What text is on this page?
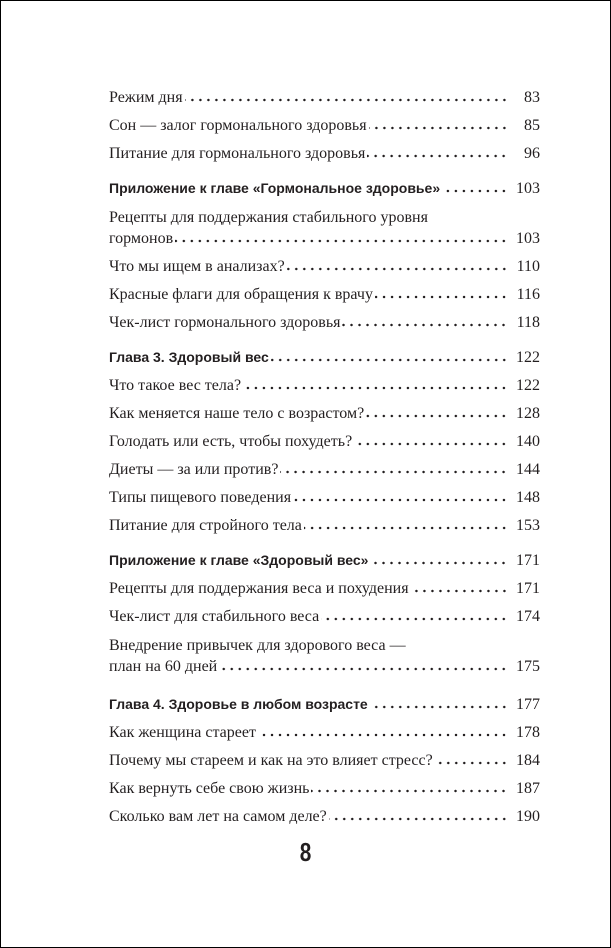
Режим дня	83
Сон — залог гормонального здоровья	85
Питание для гормонального здоровья	96
Приложение к главе «Гормональное здоровье»	103
Рецепты для поддержания стабильного уровня
гормонов	103
Что мы ищем в анализах?	110
Красные флаги для обращения к врачу	116
Чек-лист гормонального здоровья	118
Глава 3. Здоровый вес	122
Что такое вес тела?	122
Как меняется наше тело с возрастом?	128
Голодать или есть, чтобы похудеть?	140
Диеты — за или против?	144
Типы пищевого поведения	148
Питание для стройного тела	153
Приложение к главе «Здоровый вес»	171
Рецепты для поддержания веса и похудения	171
Чек-лист для стабильного веса	174
Внедрение привычек для здорового веса —
план на 60 дней	175
Глава 4. Здоровье в любом возрасте	177
Как женщина стареет	178
Почему мы стареем и как на это влияет стресс?	184
Как вернуть себе свою жизнь	187
Сколько вам лет на самом деле?	190
8
